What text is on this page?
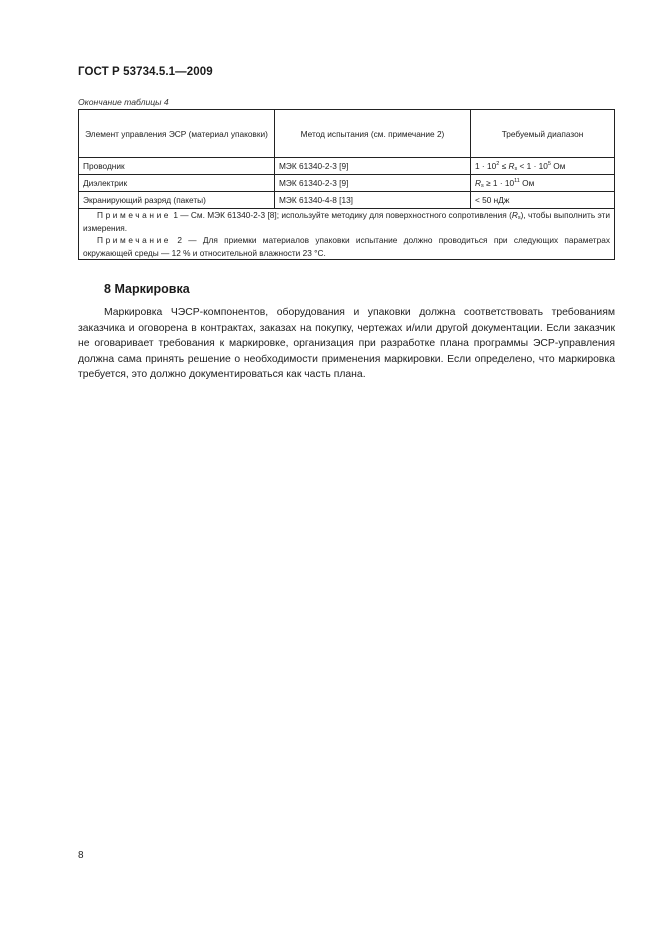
ГОСТ Р 53734.5.1—2009
Окончание таблицы 4
Элемент управления ЭСР (материал упаковки)	Метод испытания (см. примечание 2)	Требуемый диапазон
Проводник	МЭК 61340-2-3 [9]	$1 \cdot 10^2 \le R_s < 1 \cdot 10^5$ Ом
Диэлектрик	МЭК 61340-2-3 [9]	$R_s \ge 1 \cdot 10^{11}$ Ом
Экранирующий разряд (пакеты)	МЭК 61340-4-8 [13]	< 50 нДж

Примечание 1 — См. МЭК 61340-2-3 [8]; используйте методику для поверхностного сопротивления $(R_s)$, чтобы выполнить эти измерения.
Примечание 2 — Для приемки материалов упаковки испытание должно проводиться при следующих параметрах окружающей среды — 12 % и относительной влажности 23 °С.		
8 Маркировка

Маркировка ЧЭСР-компонентов, оборудования и упаковки должна соответствовать требованиям заказчика и оговорена в контрактах, заказах на покупку, чертежах и/или другой документации. Если заказчик не оговаривает требования к маркировке, организация при разработке плана программы ЭСР-управления должна сама принять решение о необходимости применения маркировки. Если определено, что маркировка требуется, это должно документироваться как часть плана.

8
